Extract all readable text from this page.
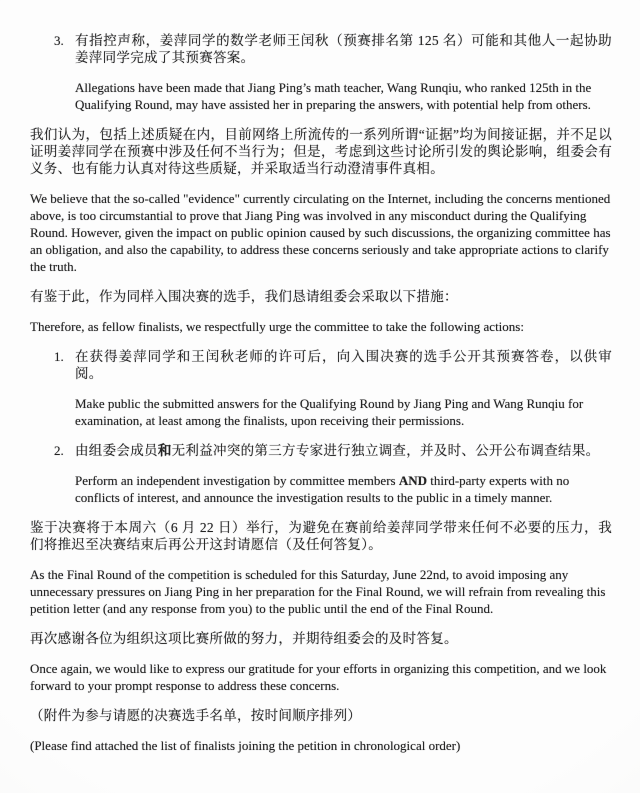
3. 有指控声称，姜萍同学的数学老师王闰秋（预赛排名第 125 名）可能和其他人一起协助姜萍同学完成了其预赛答案。

Allegations have been made that Jiang Ping’s math teacher, Wang Runqiu, who ranked 125th in the Qualifying Round, may have assisted her in preparing the answers, with potential help from others.

我们认为，包括上述质疑在内，目前网络上所流传的一系列所谓“证据”均为间接证据，并不足以证明姜萍同学在预赛中涉及任何不当行为；但是，考虑到这些讨论所引发的舆论影响，组委会有义务、也有能力认真对待这些质疑，并采取适当行动澄清事件真相。

We believe that the so-called "evidence" currently circulating on the Internet, including the concerns mentioned above, is too circumstantial to prove that Jiang Ping was involved in any misconduct during the Qualifying Round. However, given the impact on public opinion caused by such discussions, the organizing committee has an obligation, and also the capability, to address these concerns seriously and take appropriate actions to clarify the truth.

有鉴于此，作为同样入围决赛的选手，我们恳请组委会采取以下措施：

Therefore, as fellow finalists, we respectfully urge the committee to take the following actions:

1. 在获得姜萍同学和王闰秋老师的许可后，向入围决赛的选手公开其预赛答卷，以供审阅。

Make public the submitted answers for the Qualifying Round by Jiang Ping and Wang Runqiu for examination, at least among the finalists, upon receiving their permissions.

2. 由组委会成员和无利益冲突的第三方专家进行独立调查，并及时、公开公布调查结果。

Perform an independent investigation by committee members AND third-party experts with no conflicts of interest, and announce the investigation results to the public in a timely manner.

鉴于决赛将于本周六（6 月 22 日）举行，为避免在赛前给姜萍同学带来任何不必要的压力，我们将推迟至决赛结束后再公开这封请愿信（及任何答复）。

As the Final Round of the competition is scheduled for this Saturday, June 22nd, to avoid imposing any unnecessary pressures on Jiang Ping in her preparation for the Final Round, we will refrain from revealing this petition letter (and any response from you) to the public until the end of the Final Round.

再次感谢各位为组织这项比赛所做的努力，并期待组委会的及时答复。

Once again, we would like to express our gratitude for your efforts in organizing this competition, and we look forward to your prompt response to address these concerns.

（附件为参与请愿的决赛选手名单，按时间顺序排列）

(Please find attached the list of finalists joining the petition in chronological order)
